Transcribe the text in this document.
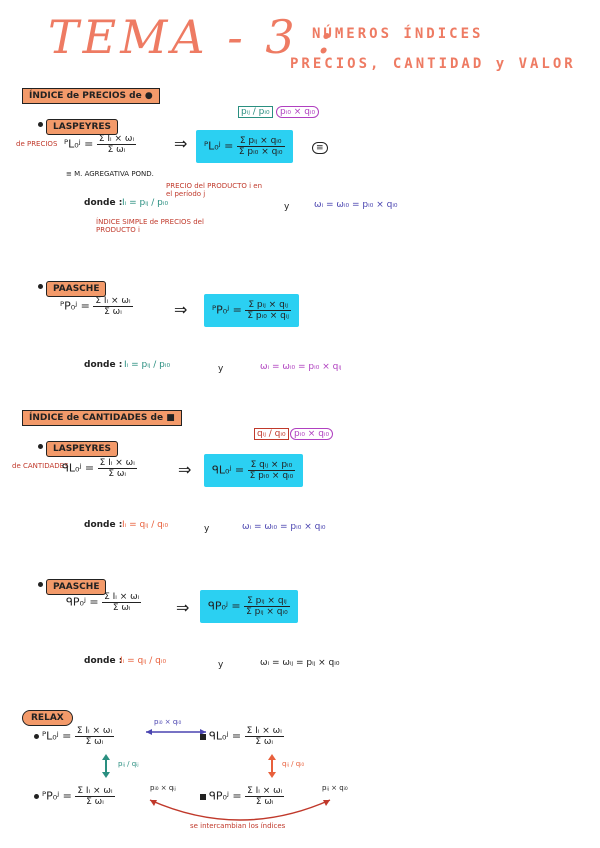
TEMA - 3 :
NÚMEROS ÍNDICES
PRECIOS, CANTIDAD y VALOR
ÍNDICE de PRECIOS de ●
LASPEYRES
de PRECIOS ᴾL₀ʲ = $\frac{\text{Σ Iᵢ × ωᵢ}}{\text{Σ ωᵢ}}$ ⇒	ᴾL₀ʲ = $\frac{\text{Σ pᵢⱼ × qᵢ₀}}{\text{Σ pᵢ₀ × qᵢ₀}}$
pᵢⱼ / pᵢ₀	pᵢ₀ × qᵢ₀
≡
≡ M. AGREGATIVA POND.
donde : Iᵢ = pᵢⱼ / pᵢ₀
PRECIO del PRODUCTO i en el período j
ÍNDICE SIMPLE de PRECIOS del PRODUCTO i
y	ωᵢ = ωᵢ₀ = pᵢ₀ × qᵢ₀
PAASCHE
ᴾP₀ʲ = $\frac{\text{Σ Iᵢ × ωᵢ}}{\text{Σ ωᵢ}}$	⇒	ᴾP₀ʲ = $\frac{\text{Σ pᵢⱼ × qᵢⱼ}}{\text{Σ pᵢ₀ × qᵢⱼ}}$
donde : Iᵢ = pᵢⱼ / pᵢ₀	y	ωᵢ = ωᵢ₀ = pᵢ₀ × qᵢⱼ
ÍNDICE de CANTIDADES de ■
LASPEYRES
de CANTIDADES
ᑫL₀ʲ = $\frac{\text{Σ Iᵢ × ωᵢ}}{\text{Σ ωᵢ}}$	⇒	ᑫL₀ʲ = $\frac{\text{Σ qᵢⱼ × pᵢ₀}}{\text{Σ pᵢ₀ × qᵢ₀}}$
qᵢⱼ / qᵢ₀ pᵢ₀ × qᵢ₀
donde : Iᵢ = qᵢⱼ / qᵢ₀	y	ωᵢ = ωᵢ₀ = pᵢ₀ × qᵢ₀
PAASCHE
ᑫP₀ʲ = $\frac{\text{Σ Iᵢ × ωᵢ}}{\text{Σ ωᵢ}}$ ⇒	ᑫP₀ʲ = $\frac{\text{Σ pᵢⱼ × qᵢⱼ}}{\text{Σ pᵢⱼ × qᵢ₀}}$
donde :
Iᵢ = qᵢⱼ / qᵢ₀	y	ωᵢ = ωᵢⱼ = pᵢⱼ × qᵢ₀
RELAX
ᴾL₀ʲ = $\frac{\text{Σ Iᵢ × ωᵢ}}{\text{Σ ωᵢ}}$
pᵢ₀ × qᵢ₀
ᑫL₀ʲ = $\frac{\text{Σ Iᵢ × ωᵢ}}{\text{Σ ωᵢ}}$
pᵢⱼ / qᵢⱼ	qᵢⱼ / qᵢ₀
ᴾP₀ʲ = $\frac{\text{Σ Iᵢ × ωᵢ}}{\text{Σ ωᵢ}}$	pᵢ₀ × qᵢⱼ
ᑫP₀ʲ = $\frac{\text{Σ Iᵢ × ωᵢ}}{\text{Σ ωᵢ}}$	pᵢⱼ × qᵢ₀
se intercambian los índices
